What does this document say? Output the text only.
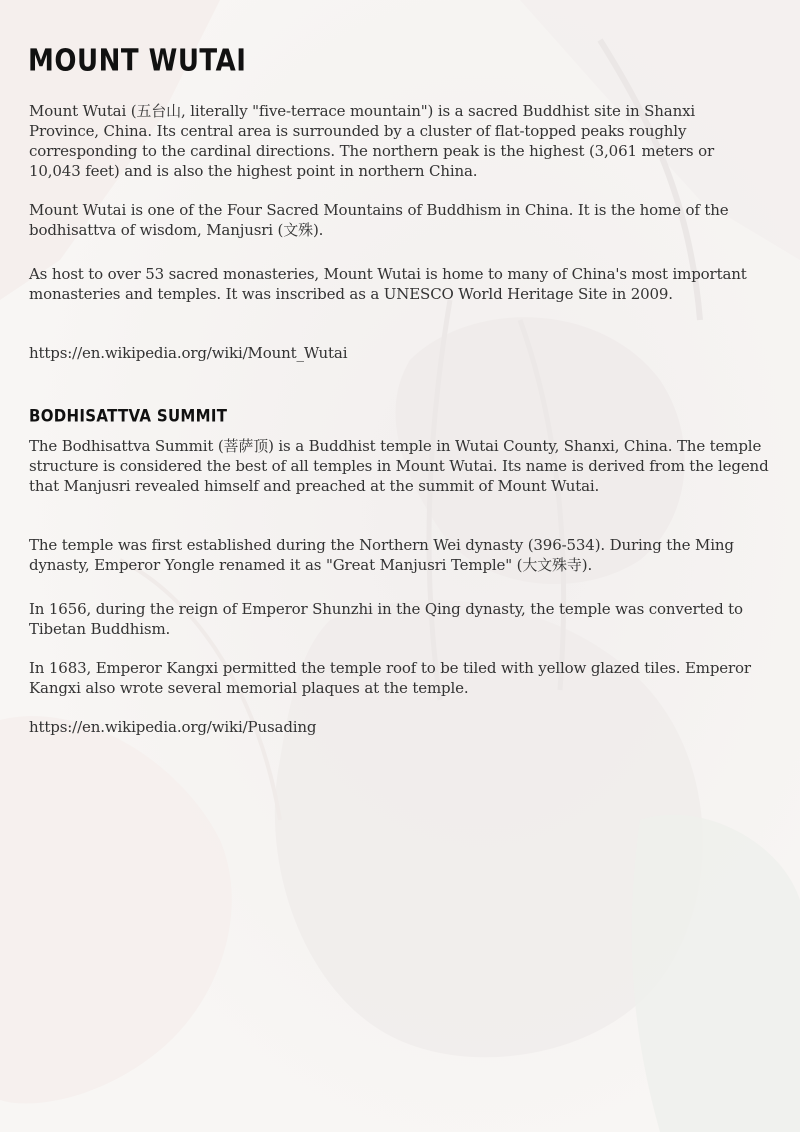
MOUNT WUTAI

Mount Wutai (五台山, literally "five-terrace mountain") is a sacred Buddhist site in Shanxi Province, China. Its central area is surrounded by a cluster of flat-topped peaks roughly corresponding to the cardinal directions. The northern peak is the highest (3,061 meters or 10,043 feet) and is also the highest point in northern China.

Mount Wutai is one of the Four Sacred Mountains of Buddhism in China. It is the home of the bodhisattva of wisdom, Manjusri (文殊).

As host to over 53 sacred monasteries, Mount Wutai is home to many of China's most important monasteries and temples. It was inscribed as a UNESCO World Heritage Site in 2009.

https://en.wikipedia.org/wiki/Mount_Wutai

BODHISATTVA SUMMIT

The Bodhisattva Summit (菩萨顶) is a Buddhist temple in Wutai County, Shanxi, China. The temple structure is considered the best of all temples in Mount Wutai. Its name is derived from the legend that Manjusri revealed himself and preached at the summit of Mount Wutai.

The temple was first established during the Northern Wei dynasty (396-534). During the Ming dynasty, Emperor Yongle renamed it as "Great Manjusri Temple" (大文殊寺).

In 1656, during the reign of Emperor Shunzhi in the Qing dynasty, the temple was converted to Tibetan Buddhism.

In 1683, Emperor Kangxi permitted the temple roof to be tiled with yellow glazed tiles. Emperor Kangxi also wrote several memorial plaques at the temple.

https://en.wikipedia.org/wiki/Pusading
